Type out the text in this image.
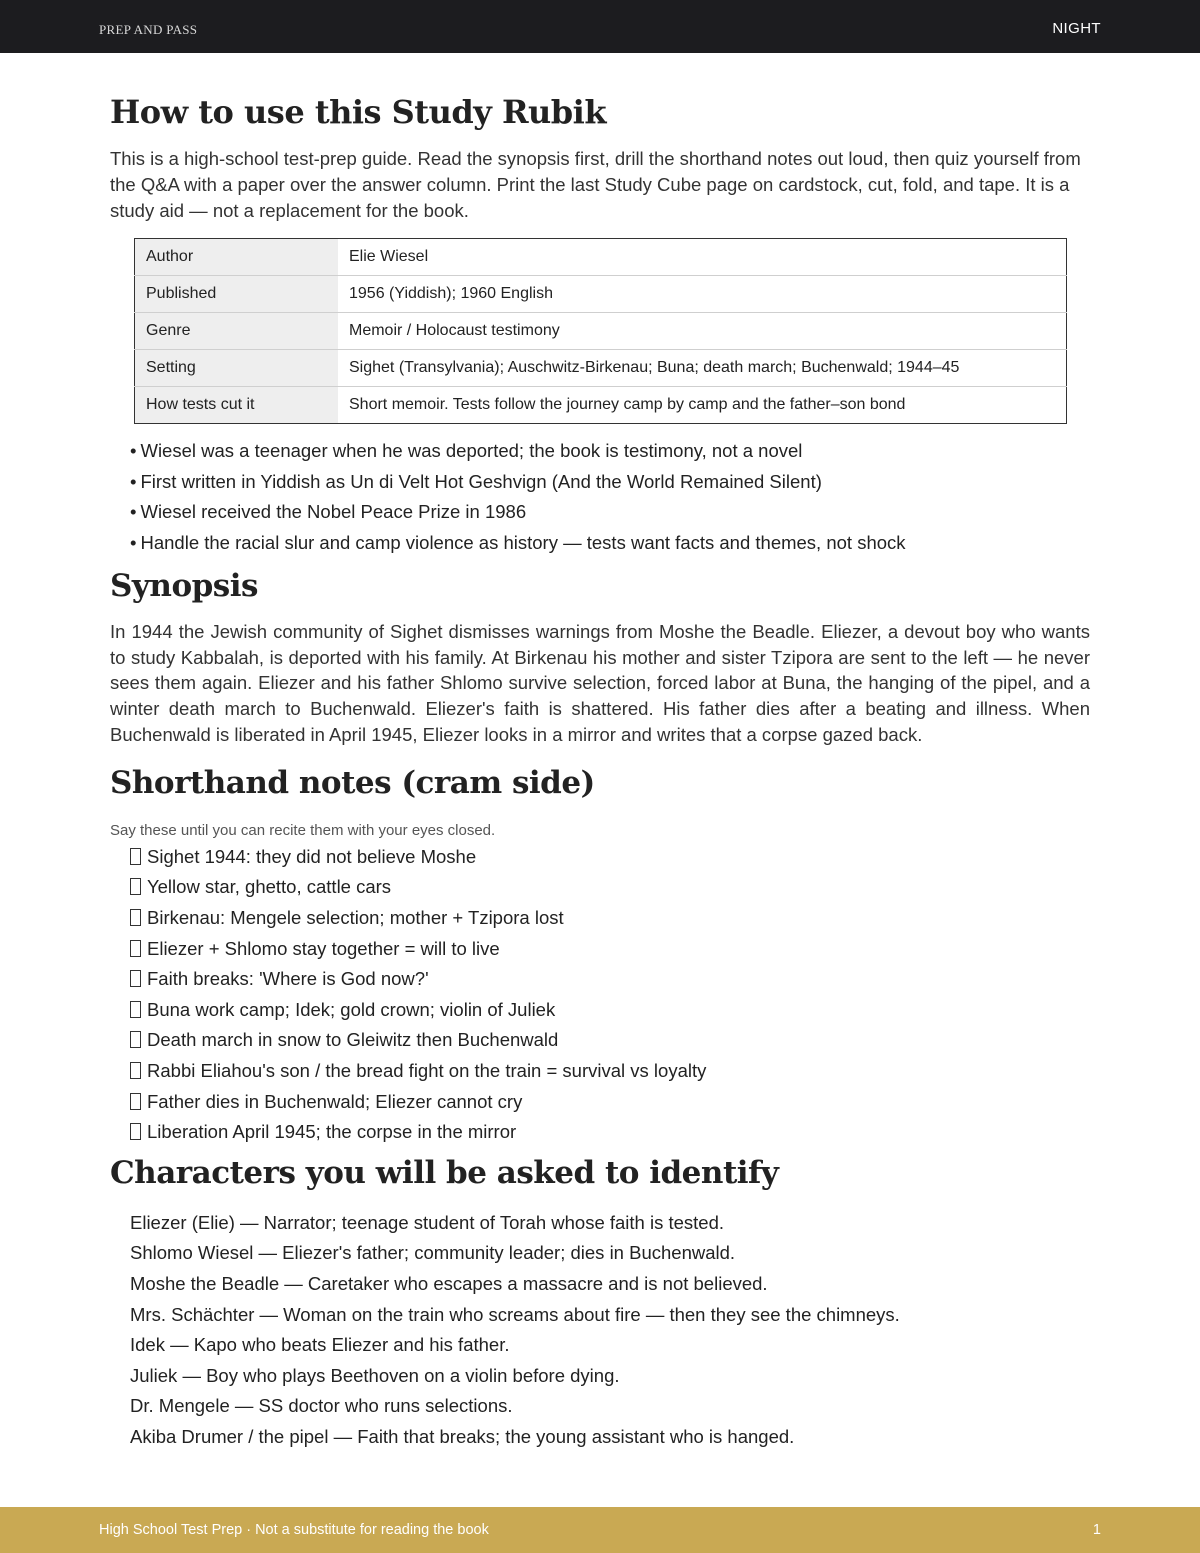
PREP AND PASS	NIGHT
How to use this Study Rubik

This is a high-school test-prep guide. Read the synopsis first, drill the shorthand notes out loud, then quiz yourself from the Q&A with a paper over the answer column. Print the last Study Cube page on cardstock, cut, fold, and tape. It is a study aid — not a replacement for the book.

Author	Elie Wiesel
Published	1956 (Yiddish); 1960 English
Genre	Memoir / Holocaust testimony
Setting	Sighet (Transylvania); Auschwitz-Birkenau; Buna; death march; Buchenwald; 1944–45
How tests cut it	Short memoir. Tests follow the journey camp by camp and the father–son bond
• Wiesel was a teenager when he was deported; the book is testimony, not a novel
• First written in Yiddish as Un di Velt Hot Geshvign (And the World Remained Silent)
• Wiesel received the Nobel Peace Prize in 1986
• Handle the racial slur and camp violence as history — tests want facts and themes, not shock
Synopsis

In 1944 the Jewish community of Sighet dismisses warnings from Moshe the Beadle. Eliezer, a devout boy who wants to study Kabbalah, is deported with his family. At Birkenau his mother and sister Tzipora are sent to the left — he never sees them again. Eliezer and his father Shlomo survive selection, forced labor at Buna, the hanging of the pipel, and a winter death march to Buchenwald. Eliezer's faith is shattered. His father dies after a beating and illness. When Buchenwald is liberated in April 1945, Eliezer looks in a mirror and writes that a corpse gazed back.

Shorthand notes (cram side)

Say these until you can recite them with your eyes closed.

Sighet 1944: they did not believe Moshe
Yellow star, ghetto, cattle cars
Birkenau: Mengele selection; mother + Tzipora lost
Eliezer + Shlomo stay together = will to live
Faith breaks: 'Where is God now?'
Buna work camp; Idek; gold crown; violin of Juliek
Death march in snow to Gleiwitz then Buchenwald
Rabbi Eliahou's son / the bread fight on the train = survival vs loyalty
Father dies in Buchenwald; Eliezer cannot cry
Liberation April 1945; the corpse in the mirror
Characters you will be asked to identify
Eliezer (Elie) — Narrator; teenage student of Torah whose faith is tested.
Shlomo Wiesel — Eliezer's father; community leader; dies in Buchenwald.
Moshe the Beadle — Caretaker who escapes a massacre and is not believed.
Mrs. Schächter — Woman on the train who screams about fire — then they see the chimneys.
Idek — Kapo who beats Eliezer and his father.
Juliek — Boy who plays Beethoven on a violin before dying.
Dr. Mengele — SS doctor who runs selections.
Akiba Drumer / the pipel — Faith that breaks; the young assistant who is hanged.
High School Test Prep · Not a substitute for reading the book	1
